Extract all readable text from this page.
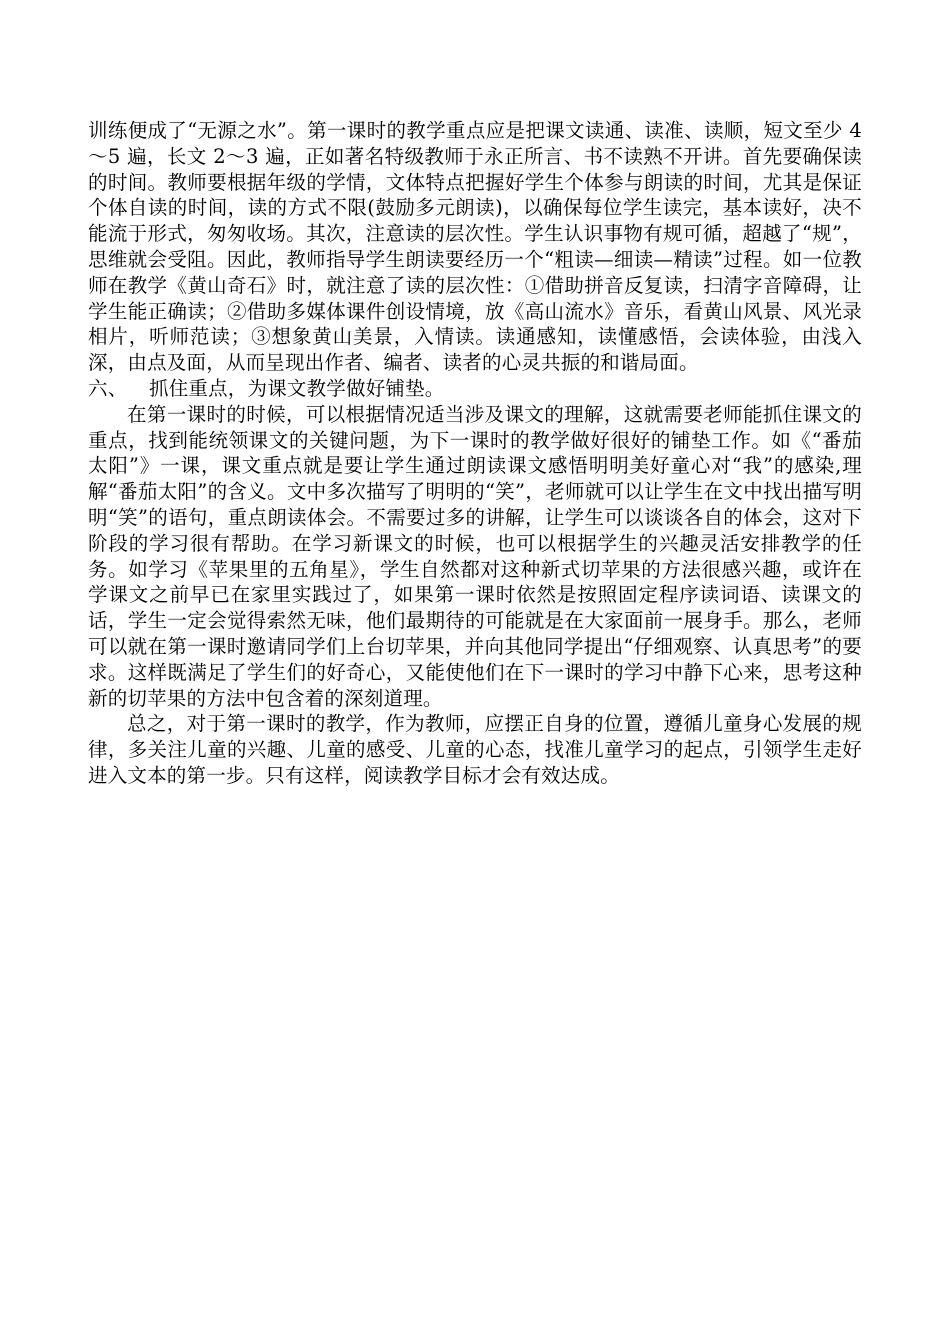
训练便成了“无源之水”。第一课时的教学重点应是把课文读通、读准、读顺，短文至少 4～5 遍，长文 2～3 遍，正如著名特级教师于永正所言、书不读熟不开讲。首先要确保读的时间。教师要根据年级的学情，文体特点把握好学生个体参与朗读的时间，尤其是保证个体自读的时间，读的方式不限(鼓励多元朗读)，以确保每位学生读完，基本读好，决不能流于形式，匆匆收场。其次，注意读的层次性。学生认识事物有规可循，超越了“规”，思维就会受阻。因此，教师指导学生朗读要经历一个“粗读—细读—精读”过程。如一位教师在教学《黄山奇石》时，就注意了读的层次性：①借助拼音反复读，扫清字音障碍，让学生能正确读；②借助多媒体课件创设情境，放《高山流水》音乐，看黄山风景、风光录相片，听师范读；③想象黄山美景，入情读。读通感知，读懂感悟，会读体验，由浅入深，由点及面，从而呈现出作者、编者、读者的心灵共振的和谐局面。

六、 抓住重点，为课文教学做好铺垫。

在第一课时的时候，可以根据情况适当涉及课文的理解，这就需要老师能抓住课文的重点，找到能统领课文的关键问题，为下一课时的教学做好很好的铺垫工作。如《“番茄太阳”》一课，课文重点就是要让学生通过朗读课文感悟明明美好童心对“我”的感染,理解“番茄太阳”的含义。文中多次描写了明明的“笑”，老师就可以让学生在文中找出描写明明“笑”的语句，重点朗读体会。不需要过多的讲解，让学生可以谈谈各自的体会，这对下阶段的学习很有帮助。在学习新课文的时候，也可以根据学生的兴趣灵活安排教学的任务。如学习《苹果里的五角星》，学生自然都对这种新式切苹果的方法很感兴趣，或许在学课文之前早已在家里实践过了，如果第一课时依然是按照固定程序读词语、读课文的话，学生一定会觉得索然无味，他们最期待的可能就是在大家面前一展身手。那么，老师可以就在第一课时邀请同学们上台切苹果，并向其他同学提出“仔细观察、认真思考”的要求。这样既满足了学生们的好奇心，又能使他们在下一课时的学习中静下心来，思考这种新的切苹果的方法中包含着的深刻道理。

总之，对于第一课时的教学，作为教师，应摆正自身的位置，遵循儿童身心发展的规律，多关注儿童的兴趣、儿童的感受、儿童的心态，找准儿童学习的起点，引领学生走好进入文本的第一步。只有这样，阅读教学目标才会有效达成。
